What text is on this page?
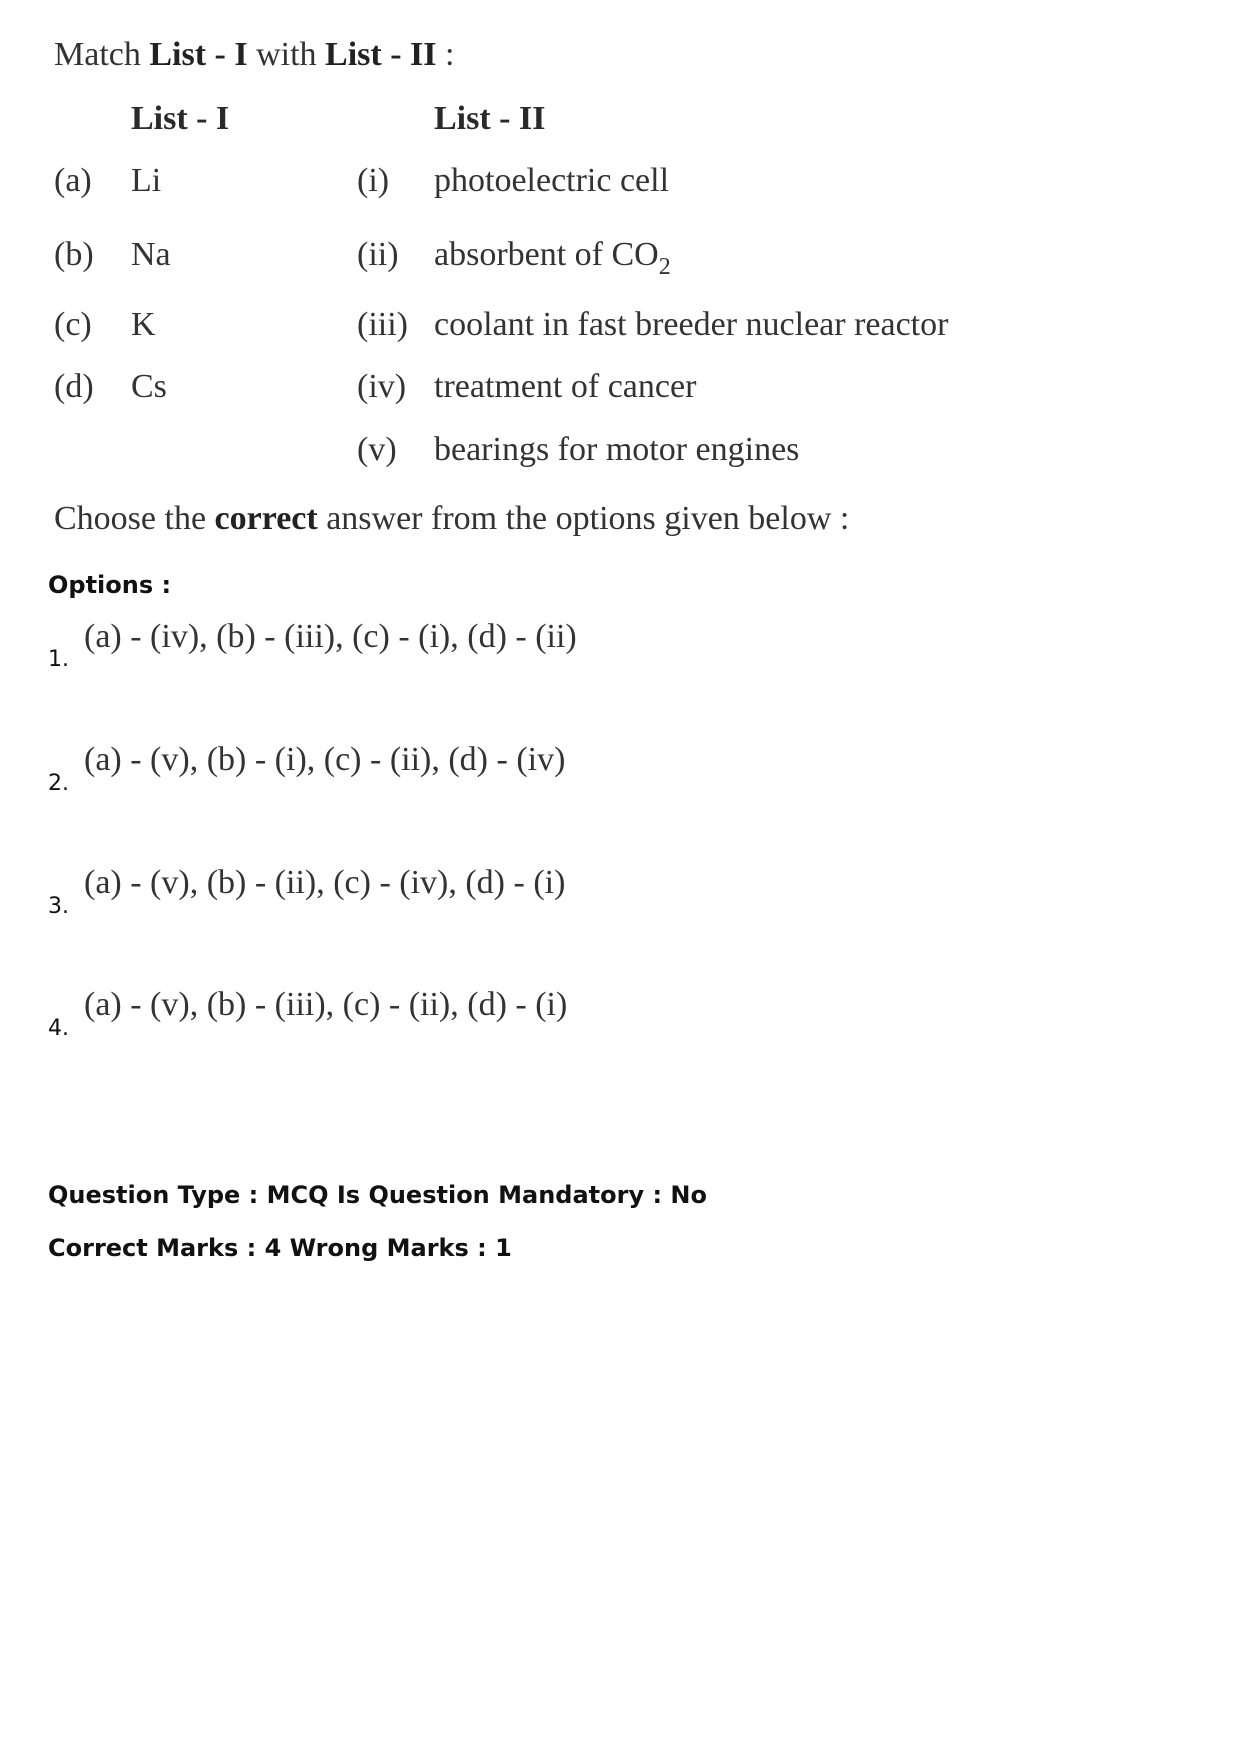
Match List - I with List - II :
List - I	List - II
(a) Li
(b) Na
(c) K
(d) Cs
(i) photoelectric cell
(ii) absorbent of $CO_2$
(iii) coolant in fast breeder nuclear reactor
(iv) treatment of cancer
(v) bearings for motor engines
Choose the correct answer from the options given below :
Options :
1.
(a) - (iv), (b) - (iii), (c) - (i), (d) - (ii)
2.
(a) - (v), (b) - (i), (c) - (ii), (d) - (iv)
3.
(a) - (v), (b) - (ii), (c) - (iv), (d) - (i)
4.
(a) - (v), (b) - (iii), (c) - (ii), (d) - (i)
Question Type : MCQ Is Question Mandatory : No
Correct Marks : 4 Wrong Marks : 1
